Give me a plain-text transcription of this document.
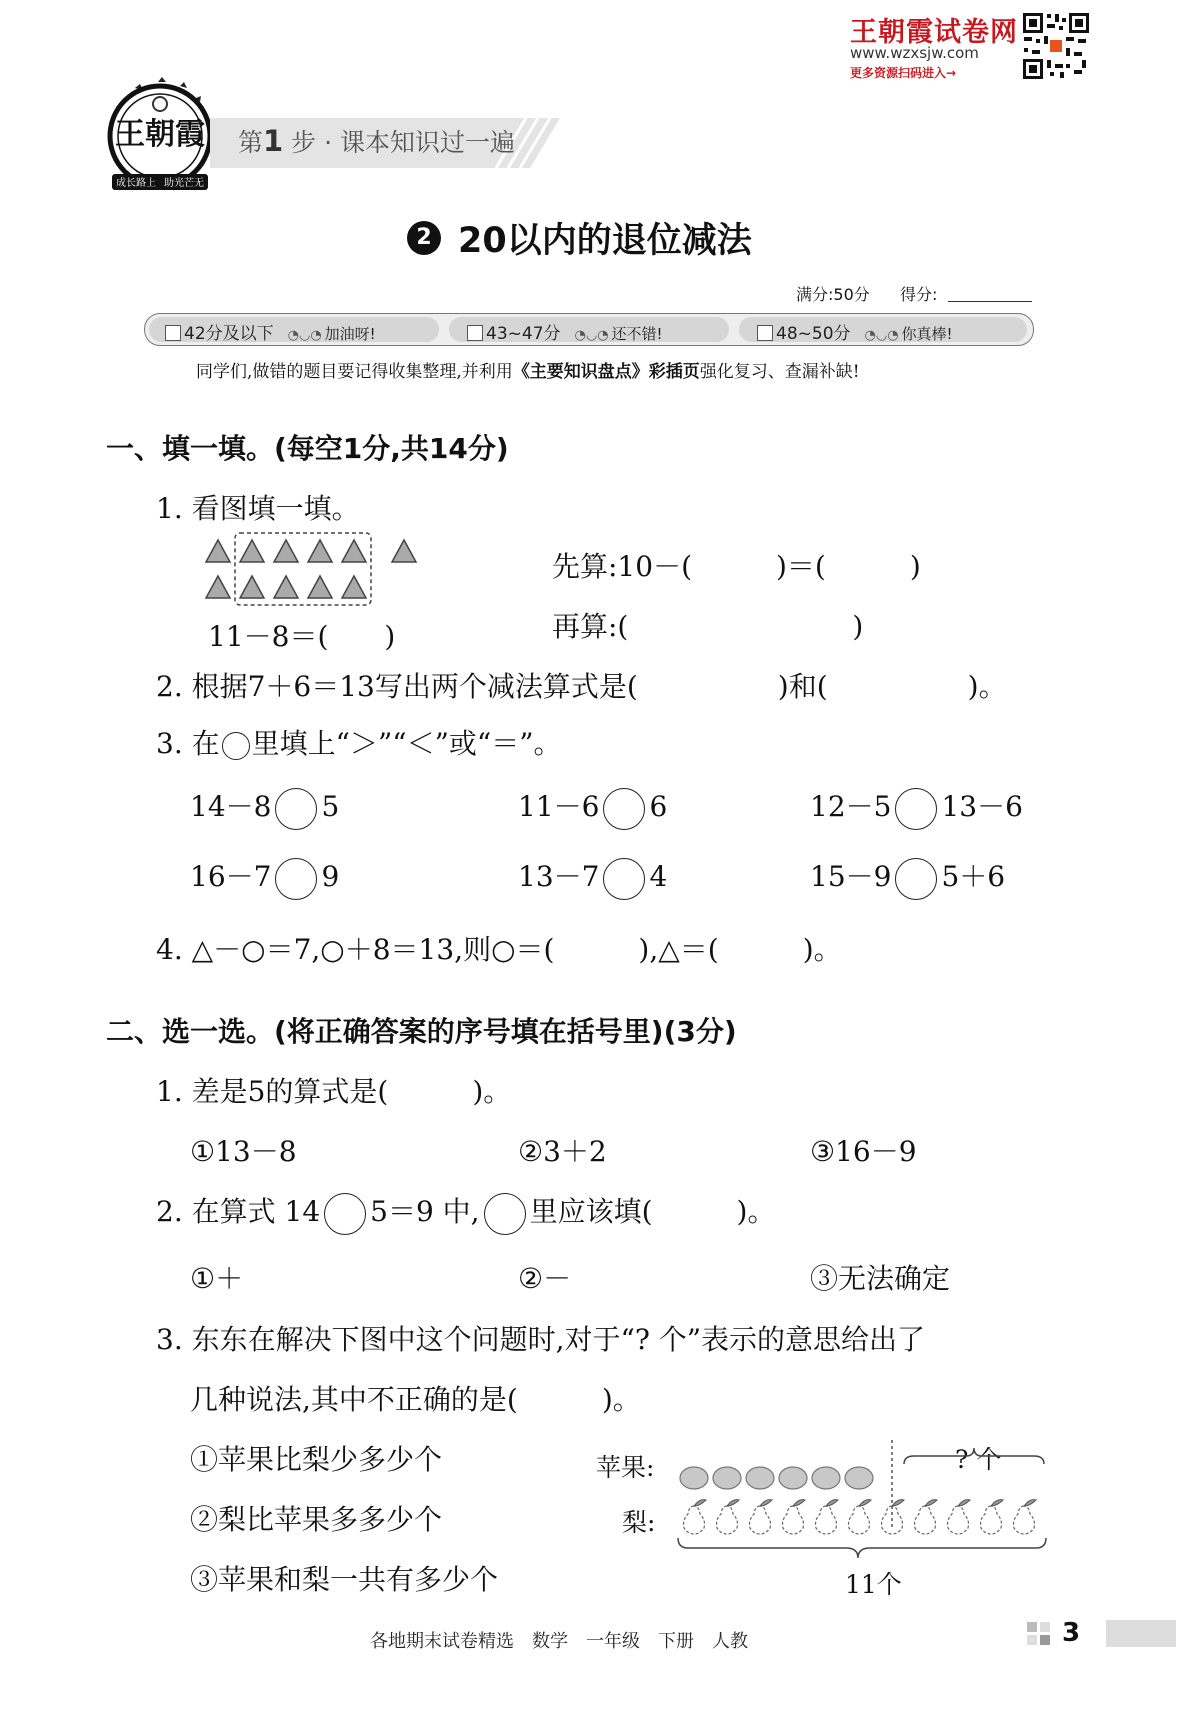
王朝霞试卷网
www.wzxsjw.com
更多资源扫码进入→
王朝霞
成长路上 助光芒无
第1 步 · 课本知识过一遍
2 20以内的退位减法
满分:50分 得分:
42分及以下 ◔◡◔ 加油呀!	43~47分 ◔◡◔ 还不错!	48~50分 ◔◡◔ 你真棒!
同学们,做错的题目要记得收集整理,并利用《主要知识盘点》彩插页强化复习、查漏补缺!
一、填一填。(每空1分,共14分)
1. 看图填一填。
11－8＝(　　)
先算:10－(　　　)＝(　　　)
再算:(　　　　　　　　)
2. 根据7＋6＝13写出两个减法算式是(　　　　　)和(　　　　　)。
3. 在 里填上“＞”“＜”或“＝”。
14－8 5	11－6 6	12－5 13－6
16－7 9	13－7 4	15－9 5＋6
4. △－○＝7,○＋8＝13,则○＝(　　　),△＝(　　　)。
二、选一选。(将正确答案的序号填在括号里)(3分)
1. 差是5的算式是(　　　)。
①13－8	②3＋2	③16－9
2. 在算式 14 5＝9 中, 里应该填(　　　)。
①＋	②－	③无法确定
3. 东东在解决下图中这个问题时,对于“? 个”表示的意思给出了
几种说法,其中不正确的是(　　　)。
①苹果比梨少多少个
②梨比苹果多多少个
③苹果和梨一共有多少个
苹果:
梨:
? 个
11个
各地期末试卷精选　数学　一年级　下册　人教	3
